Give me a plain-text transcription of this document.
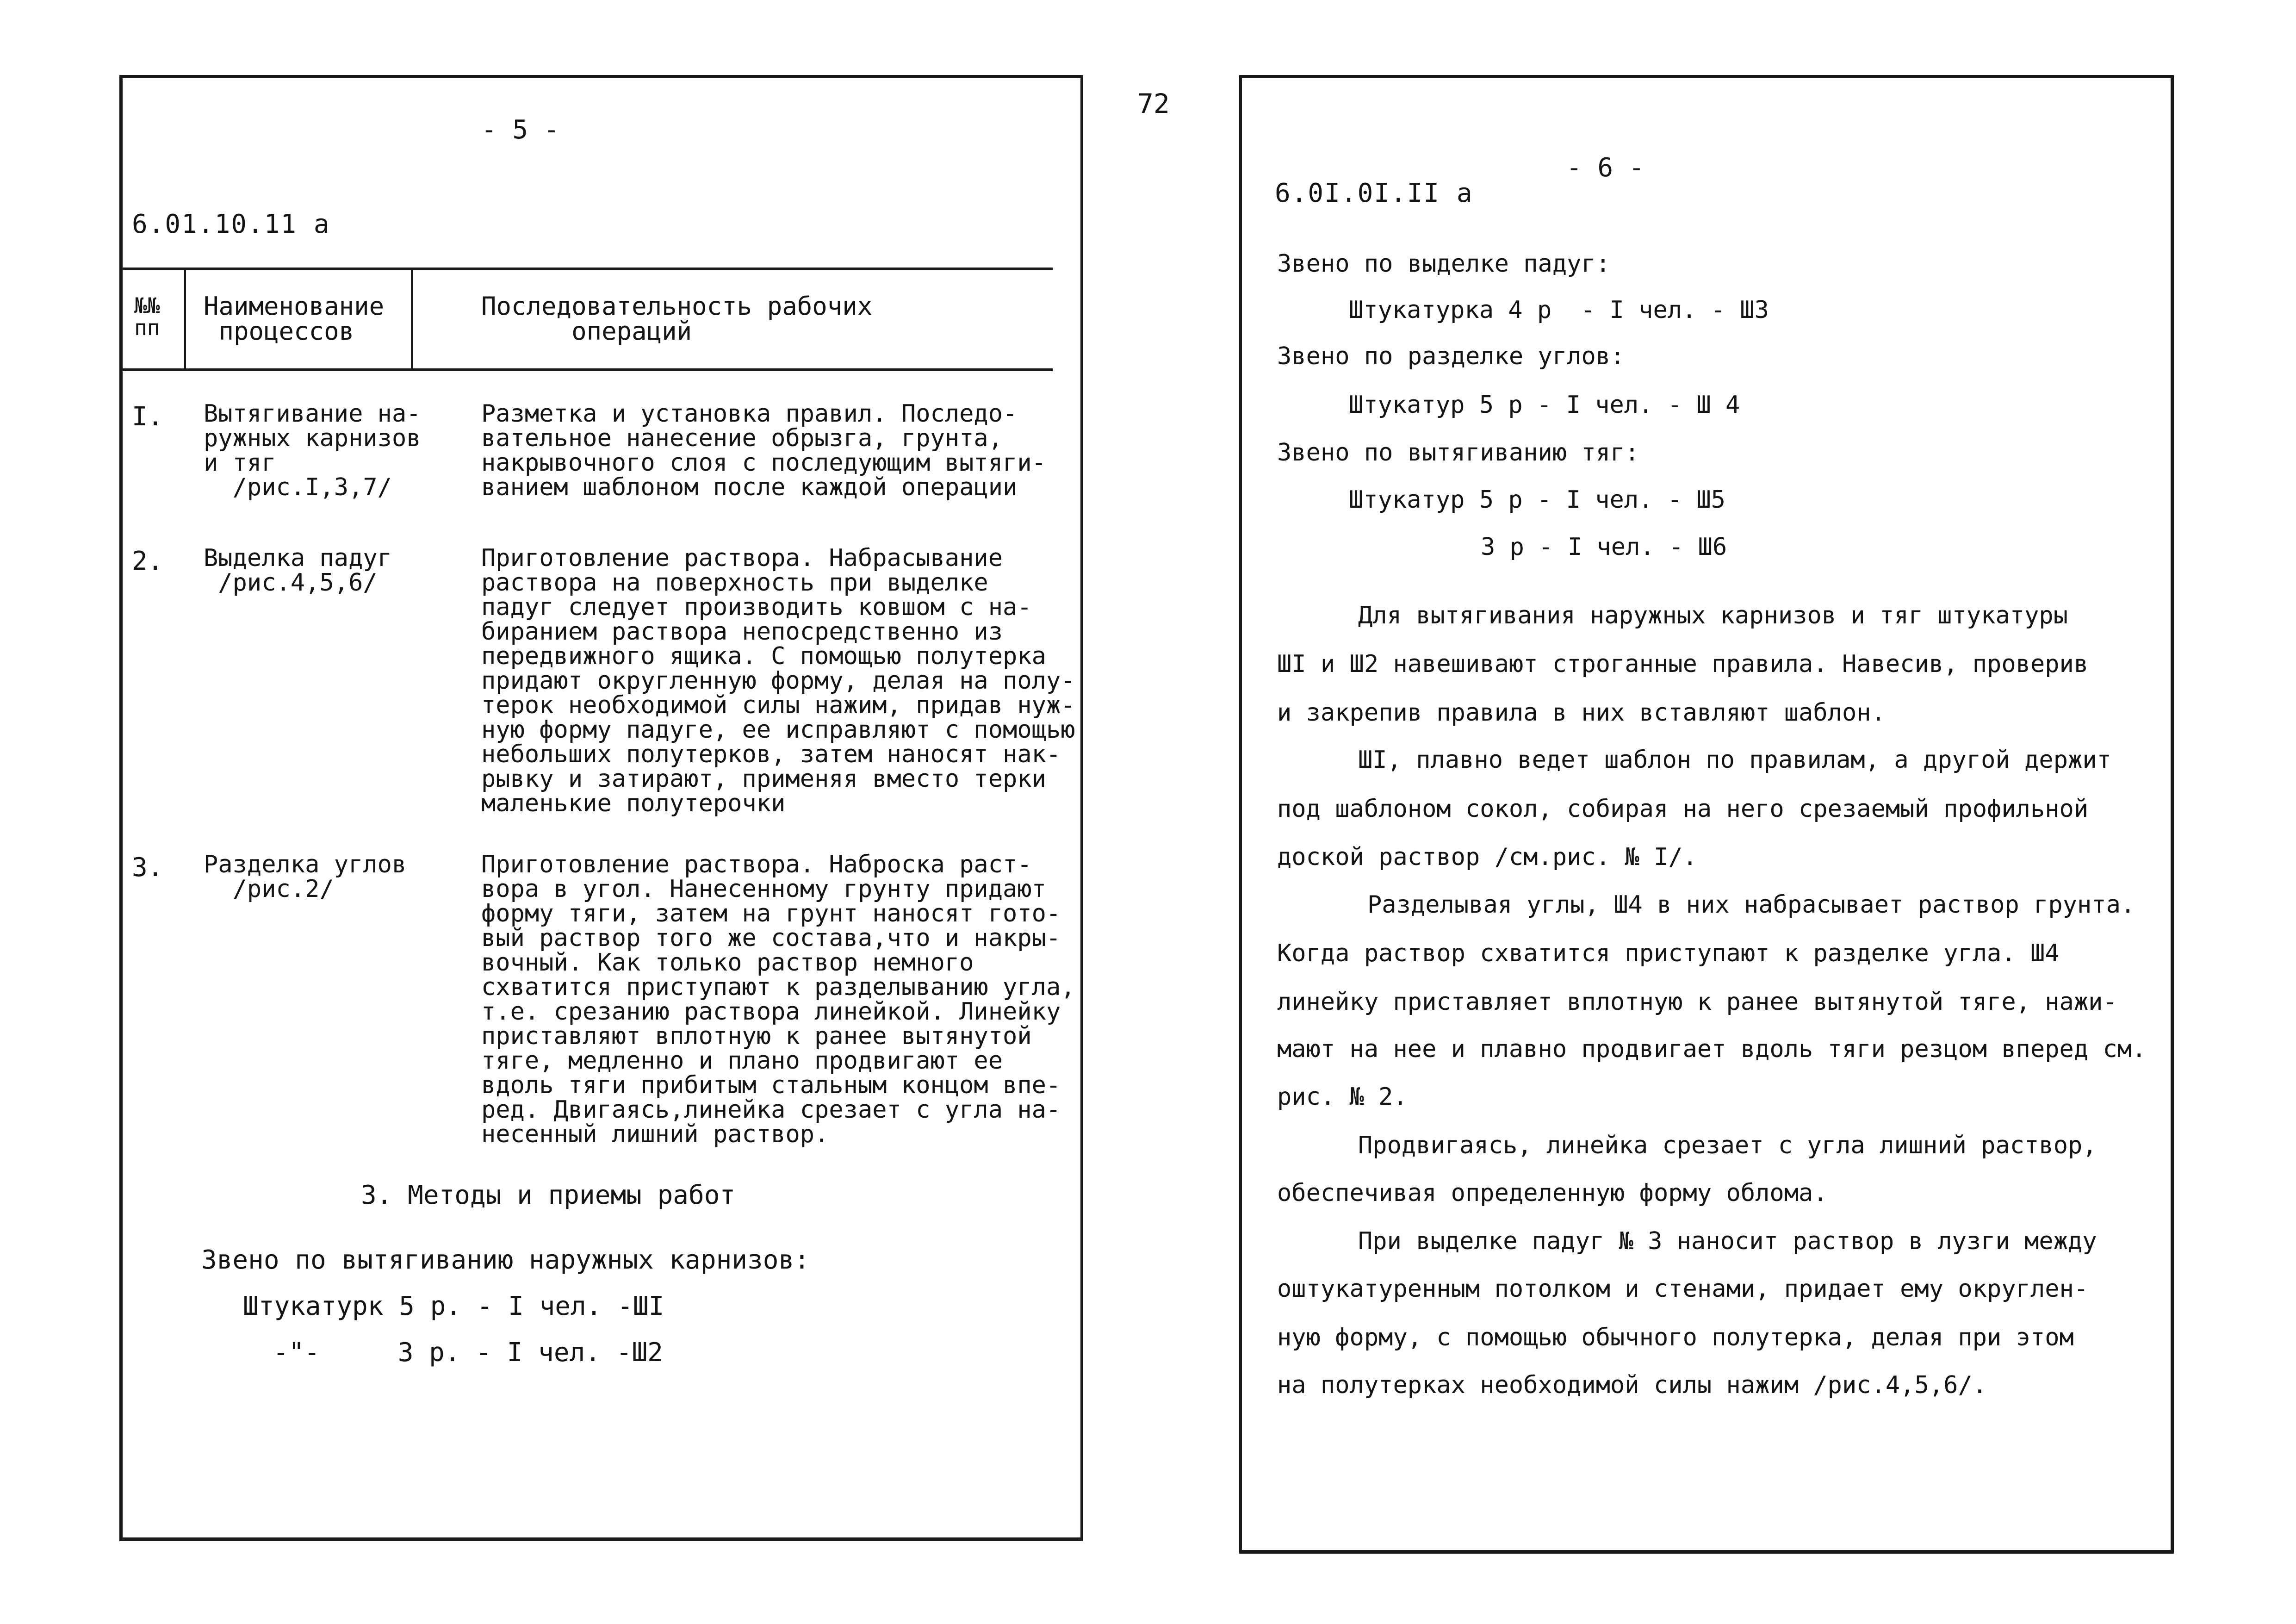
72
- 5 -
6.01.10.11 a
№№
пп
Наименование
процессов
Последовательность рабочих
операций
I. Вытягивание на-
ружных карнизов
и тяг
/рис.I,3,7/
Разметка и установка правил. Последо-
вательное нанесение обрызга, грунта,
накрывочного слоя с последующим вытяги-
ванием шаблоном после каждой операции
2. Выделка падуг
/рис.4,5,6/
Приготовление раствора. Набрасывание
раствора на поверхность при выделке
падуг следует производить ковшом с на-
биранием раствора непосредственно из
передвижного ящика. С помощью полутерка
придают округленную форму, делая на полу-
терок необходимой силы нажим, придав нуж-
ную форму падуге, ее исправляют с помощью
небольших полутерков, затем наносят нак-
рывку и затирают, применяя вместо терки
маленькие полутерочки
3. Разделка углов
/рис.2/
Приготовление раствора. Наброска раст-
вора в угол. Нанесенному грунту придают
форму тяги, затем на грунт наносят гото-
вый раствор того же состава,что и накры-
вочный. Как только раствор немного
схватится приступают к разделыванию угла,
т.е. срезанию раствора линейкой. Линейку
приставляют вплотную к ранее вытянутой
тяге, медленно и плано продвигают ее
вдоль тяги прибитым стальным концом впе-
ред. Двигаясь,линейка срезает с угла на-
несенный лишний раствор.
3. Методы и приемы работ
Звено по вытягиванию наружных карнизов:
Штукатурк 5 р. - I чел. -ШI
-"-     3 р. - I чел. -Ш2
- 6 -
6.0I.0I.II а
Звено по выделке падуг:
Штукатурка 4 р  - I чел. - Ш3
Звено по разделке углов:
Штукатур 5 р - I чел. - Ш 4
Звено по вытягиванию тяг:
Штукатур 5 р - I чел. - Ш5
3 р - I чел. - Ш6
Для вытягивания наружных карнизов и тяг штукатуры
ШI и Ш2 навешивают строганные правила. Навесив, проверив
и закрепив правила в них вставляют шаблон.
ШI, плавно ведет шаблон по правилам, а другой держит
под шаблоном сокол, собирая на него срезаемый профильной
доской раствор /см.рис. № I/.
Разделывая углы, Ш4 в них набрасывает раствор грунта.
Когда раствор схватится приступают к разделке угла. Ш4
линейку приставляет вплотную к ранее вытянутой тяге, нажи-
мают на нее и плавно продвигает вдоль тяги резцом вперед см.
рис. № 2.
Продвигаясь, линейка срезает с угла лишний раствор,
обеспечивая определенную форму облома.
При выделке падуг № 3 наносит раствор в лузги между
оштукатуренным потолком и стенами, придает ему округлен-
ную форму, с помощью обычного полутерка, делая при этом
на полутерках необходимой силы нажим /рис.4,5,6/.
